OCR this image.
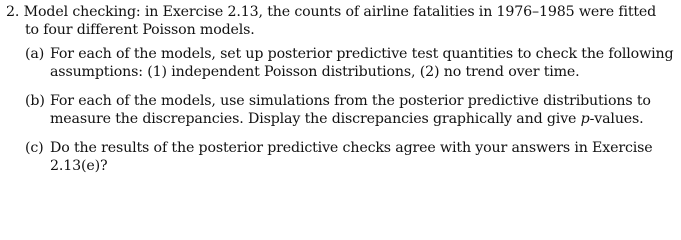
2. Model checking: in Exercise 2.13, the counts of airline fatalities in 1976–1985 were fitted
to four different Poisson models.
(a) For each of the models, set up posterior predictive test quantities to check the following
assumptions: (1) independent Poisson distributions, (2) no trend over time.
(b) For each of the models, use simulations from the posterior predictive distributions to
measure the discrepancies. Display the discrepancies graphically and give p-values.
(c) Do the results of the posterior predictive checks agree with your answers in Exercise
2.13(e)?
